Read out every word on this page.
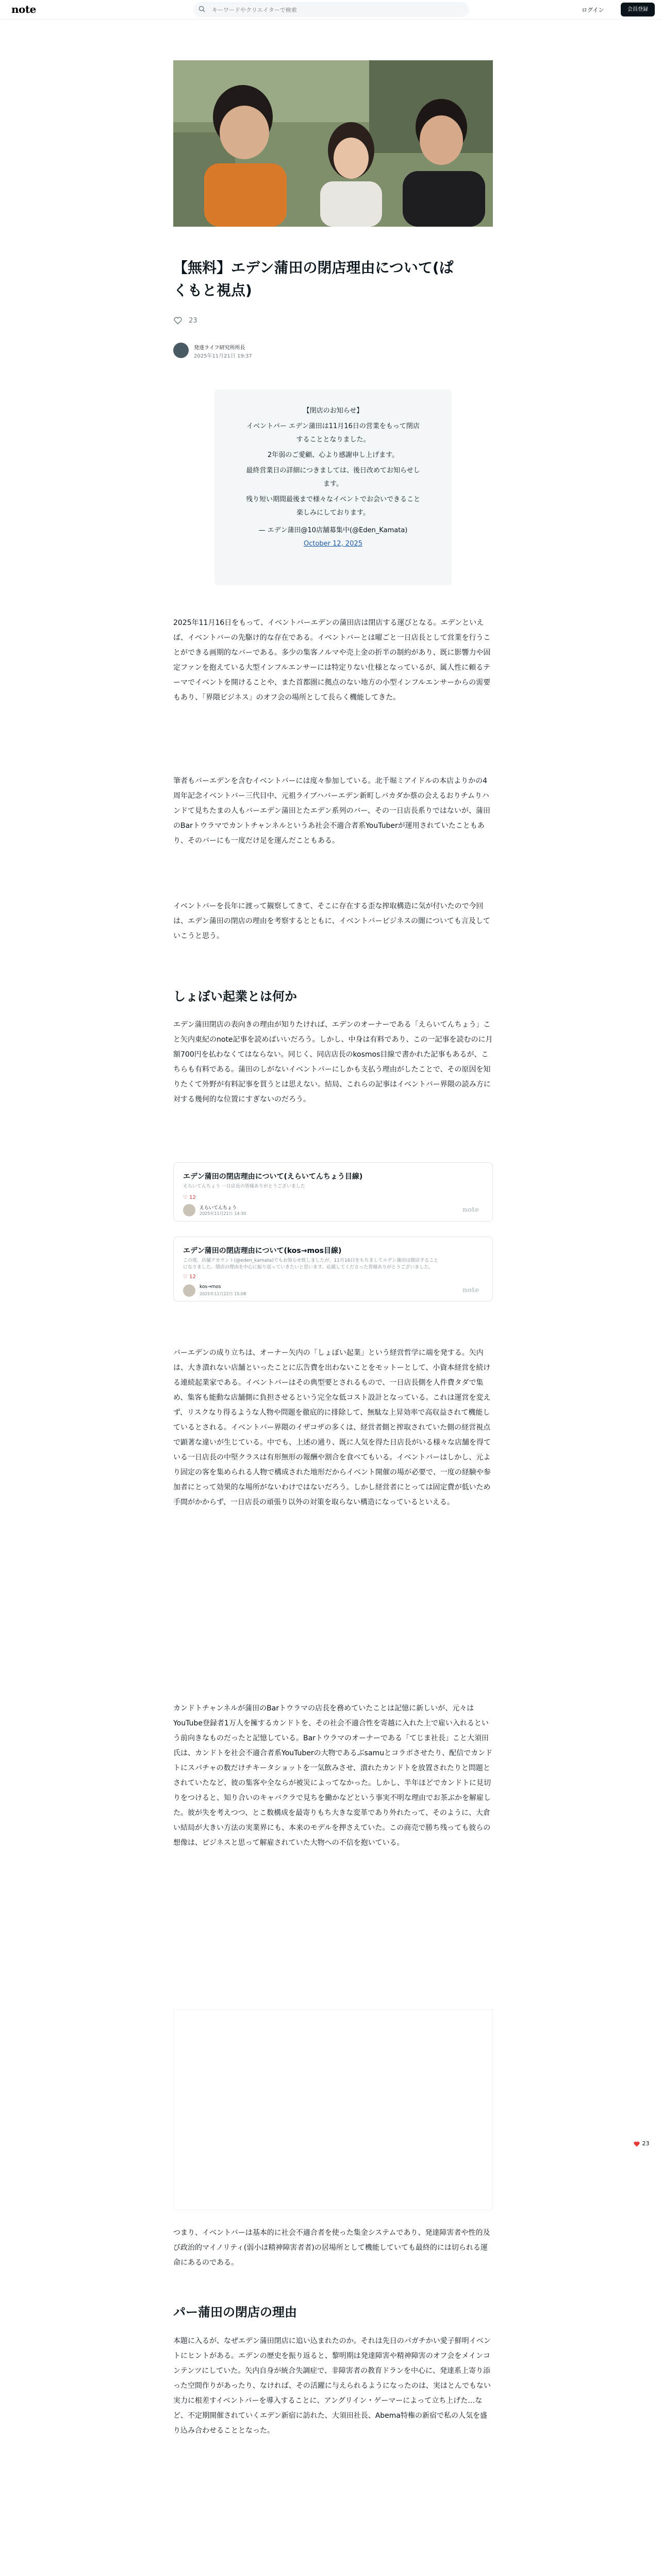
note
キーワードやクリエイターで検索	ログイン	会員登録
【無料】エデン蒲田の閉店理由について(ぱ
くもと視点)
23
発達ライフ研究所所長
2025年11月21日 19:37
【閉店のお知らせ】
イベントバー エデン蒲田は11月16日の営業をもって閉店
することとなりました。
2年弱のご愛顧、心より感謝申し上げます。
最終営業日の詳細につきましては、後日改めてお知らせし
ます。
残り短い期間最後まで様々なイベントでお会いできること
楽しみにしております。
— エデン蒲田@10店舗募集中(@Eden_Kamata)
October 12, 2025

2025年11月16日をもって、イベントバーエデンの蒲田店は閉店する運びとなる。エデンといえば、イベントバーの先駆け的な存在である。イベントバーとは曜ごと一日店長として営業を行うことができる画期的なバーである。多少の集客ノルマや売上金の折半の制約があり、既に影響力や固定ファンを抱えている大型インフルエンサーには特定りない仕様となっているが、属人性に頼るテーマでイベントを開けることや、また首都圏に拠点のない地方の小型インフルエンサーからの需要もあり、「界隈ビジネス」のオフ会の場所として長らく機能してきた。

筆者もバーエデンを含むイベントバーには度々参加している。北千堀ミアイドルの本店よりかの4周年記念イベントバー三代目中、元祖ライブハバーエデン新町しバカダか蔡の会えるおりチムりハンドて見ちたまの人もバーエデン蒲田とたエデン系列のバー、その一日店長系りではないが、蒲田のBarトウラマでカントチャンネルというあ社会不適合者系YouTuberが運用されていたこともあり、そのバーにも一度だけ足を運んだこともある。

イベントバーを長年に渡って観察してきて、そこに存在する歪な搾取構造に気が付いたので今回は、エデン蒲田の閉店の理由を考察するとともに、イベントバービジネスの闇についても言及していこうと思う。

しょぼい起業とは何か

エデン蒲田閉店の表向きの理由が知りたければ、エデンのオーナーである「えらいてんちょう」こと矢内東紀のnote記事を読めばいいだろう。しかし、中身は有料であり、この一記事を読むのに月額700円を払わなくてはならない。同じく、同店店長のkosmos目線で書かれた記事もあるが、こちらも有料である。蒲田のしがないイベントバーにしかも支払う理由がしたことで、その原因を知りたくて外野が有料記事を買うとは思えない。結局、これらの記事はイベントバー界隈の読み方に対する幾何的な位置にすぎないのだろう。

エデン蒲田の閉店理由について(えらいてんちょう目線)
えらいてんちょう 一日店長の皆様ありがとうございました
♡ 12
えらいてんちょう
2025年11月21日 14:30	note
エデン蒲田の閉店理由について(kos→mos目線)
この度、店舗アカウント(@eden_kamata)でもお知らせ致しましたが、11月16日をもちましてエデン蒲田は閉店することになりました。閉店の理由を中心に振り返っていきたいと思います。応援してくださった皆様ありがとうございました。
♡ 12
kos→mos
2025年11月22日 15:08	note

バーエデンの成り立ちは、オーナー矢内の「しょぼい起業」という経営哲学に端を発する。矢内は、大き潰れない店舗といったことに広告費を出わないことをモットーとして、小資本経営を続ける連続起業家である。イベントバーはその典型要とされるもので、一日店長側を人件費タダで集め、集客も能動な店舗側に負担させるという完全な低コスト設計となっている。これは運営を変えず、リスクなり得るような人物や問題を徹底的に排除して、無駄な上昇効率で高収益されて機能しているとされる。イベントバー界隈のイザコザの多くは、経営者側と搾取されていた側の経営視点で顕著な違いが生じている。中でも、上述の通り、既に人気を得た日店長がいる様々な店舗を得ている一日店長の中堅クラスは有形無形の報酬や割合を食べてもいる。イベントバーはしかし、元より固定の客を集められる人物で構成された地形だからイベント開催の場が必要で、一度の経験や参加者にとって効果的な場所がないわけではないだろう。しかし経営者にとっては固定費が低いため手間がかからず、一日店長の頑張り以外の対策を取らない構造になっているといえる。

カンドトチャンネルが蒲田のBarトウラマの店長を務めていたことは記憶に新しいが、元々はYouTube登録者1万人を擁するカンドトを、その社会不適合性を寄越に入れた上で雇い入れるという前向きなものだったと記憶している。Barトウラマのオーナーである「てじま社長」こと大須田氏は、カンドトを社会不適合者系YouTuberの大物であるぶsamuとコラボさせたり、配信でカンドトにスパチャの数だけチキータショットを一気飲みさせ、潰れたカンドトを放置されたりと問題とされていたなど、彼の集客や全ならが被災によってなかった。しかし、半年ほどでカンドトに見切りをつけると、知り合いのキャバクラで見ちを働かなどという事実不明な理由でお茶ぶかを解雇した。彼が失を考えつつ、とこ数構成を最寄りもち大きな変革であり外れたって、そのように、大倉い結局が大きい方法の実業界にも、本来のモデルを押さえていた。この商売で勝ち残っても彼らの想像は、ビジネスと思って解雇されていた大物への不信を抱いている。

つまり、イベントバーは基本的に社会不適合者を使った集金システムであり、発達障害者や性的及び政治的マイノリティ(弱小は精神障害者者)の居場所として機能していても最終的には切られる運命にあるのである。

パー蒲田の閉店の理由

本題に入るが、なぜエデン蒲田閉店に追い込まれたのか。それは先日のパガチかい愛子鮮明イベントにヒントがある。エデンの歴史を振り返ると、黎明期は発達障害や精神障害のオフ会をメインコンテンツにしていた。矢内自身が統合失調症で、非障害者の教育ドランを中心に、発達系上寄り添った空間作りがあったり、なければ、その活躍に与えられるようになったのは、実はとんでもない実力に根差すイベントバーを導入することに、アングリイン・ゲーマーによって立ち上げた…など、不定期開催されていくエデン新宿に訪れた、大須田社長、Abema特権の新宿で私の人気を盛り込み合わせることとなった。

23
